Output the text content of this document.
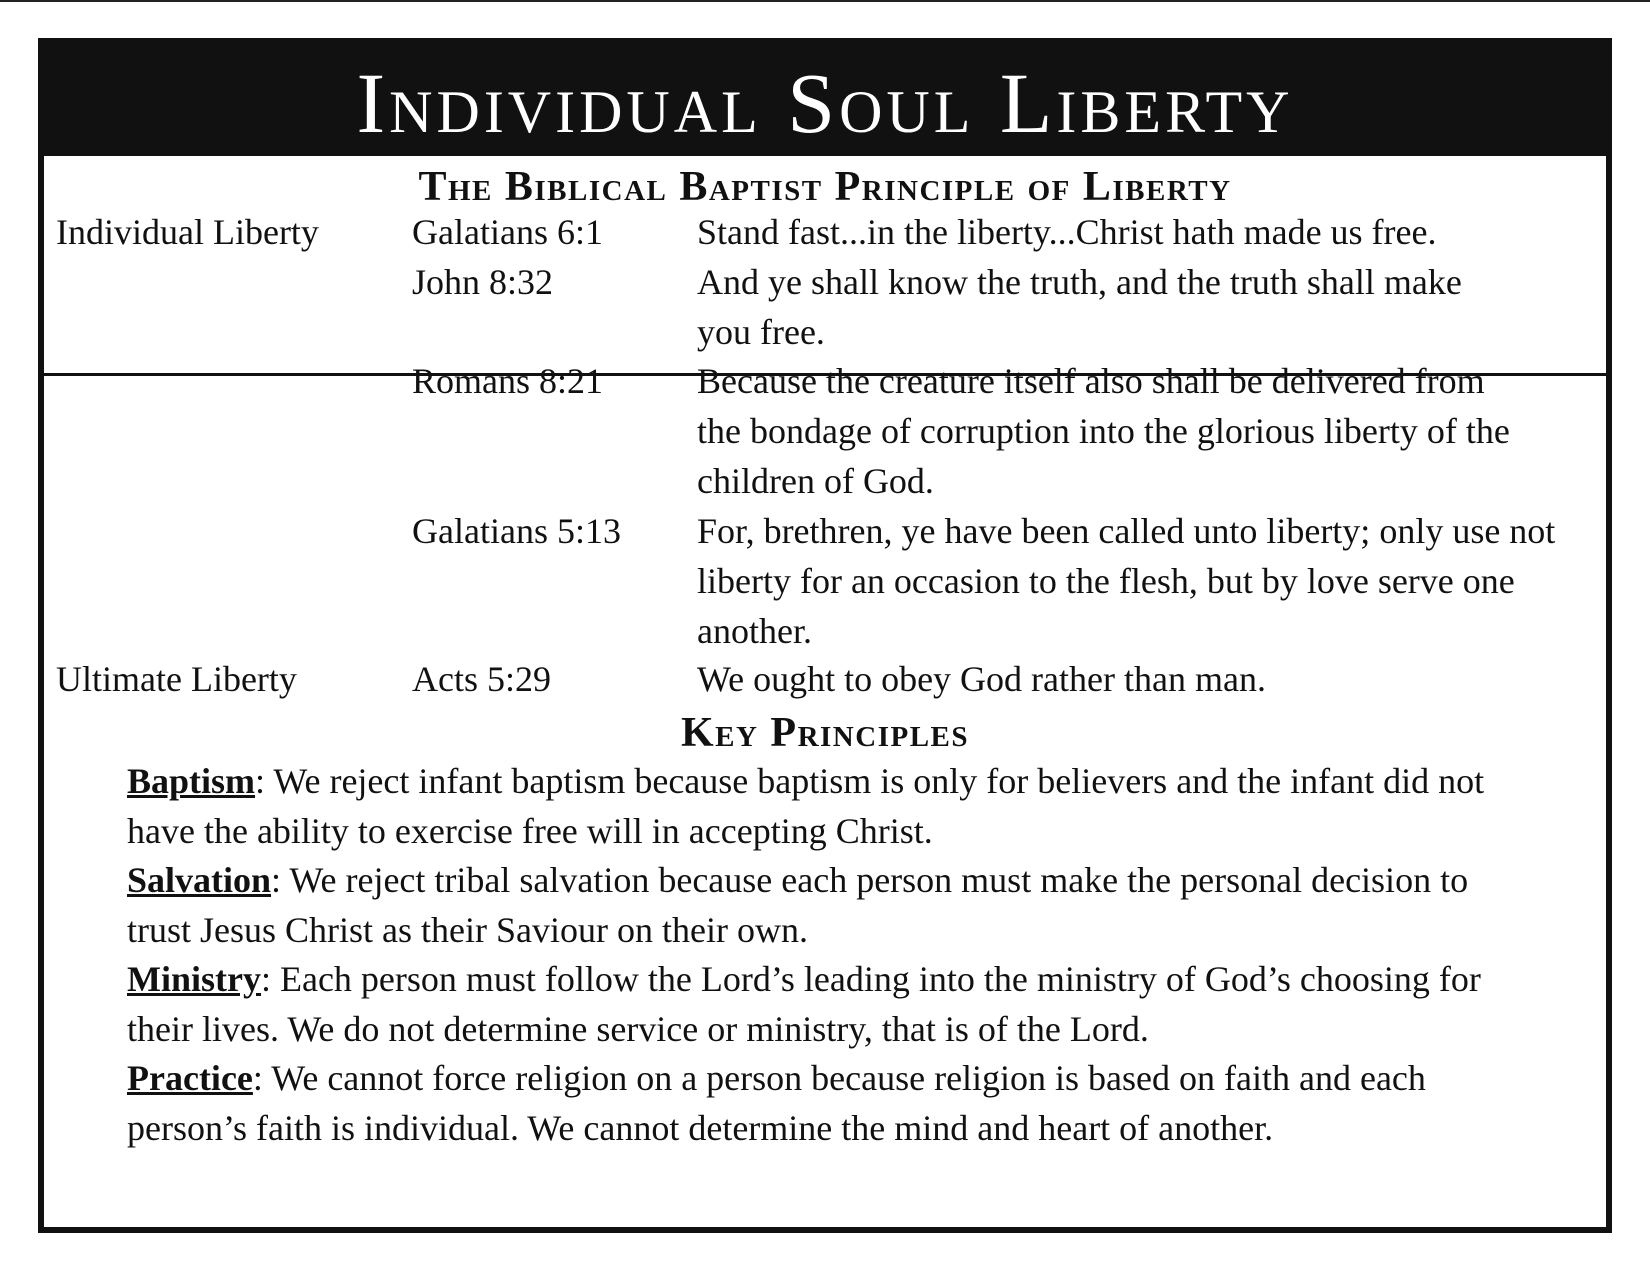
Individual Soul Liberty
The Biblical Baptist Principle of Liberty
Individual Liberty	Galatians 6:1	Stand fast...in the liberty...Christ hath made us free.
John 8:32	And ye shall know the truth, and the truth shall make you free.
Romans 8:21	Because the creature itself also shall be delivered from the bondage of corruption into the glorious liberty of the children of God.
Galatians 5:13 For, brethren, ye have been called unto liberty; only use not liberty for an occasion to the flesh, but by love serve one another.
Ultimate Liberty	Acts 5:29	We ought to obey God rather than man.
Key Principles
Baptism: We reject infant baptism because baptism is only for believers and the infant did not have the ability to exercise free will in accepting Christ.
Salvation: We reject tribal salvation because each person must make the personal decision to trust Jesus Christ as their Saviour on their own.
Ministry: Each person must follow the Lord’s leading into the ministry of God’s choosing for their lives. We do not determine service or ministry, that is of the Lord.
Practice: We cannot force religion on a person because religion is based on faith and each person’s faith is individual. We cannot determine the mind and heart of another.
